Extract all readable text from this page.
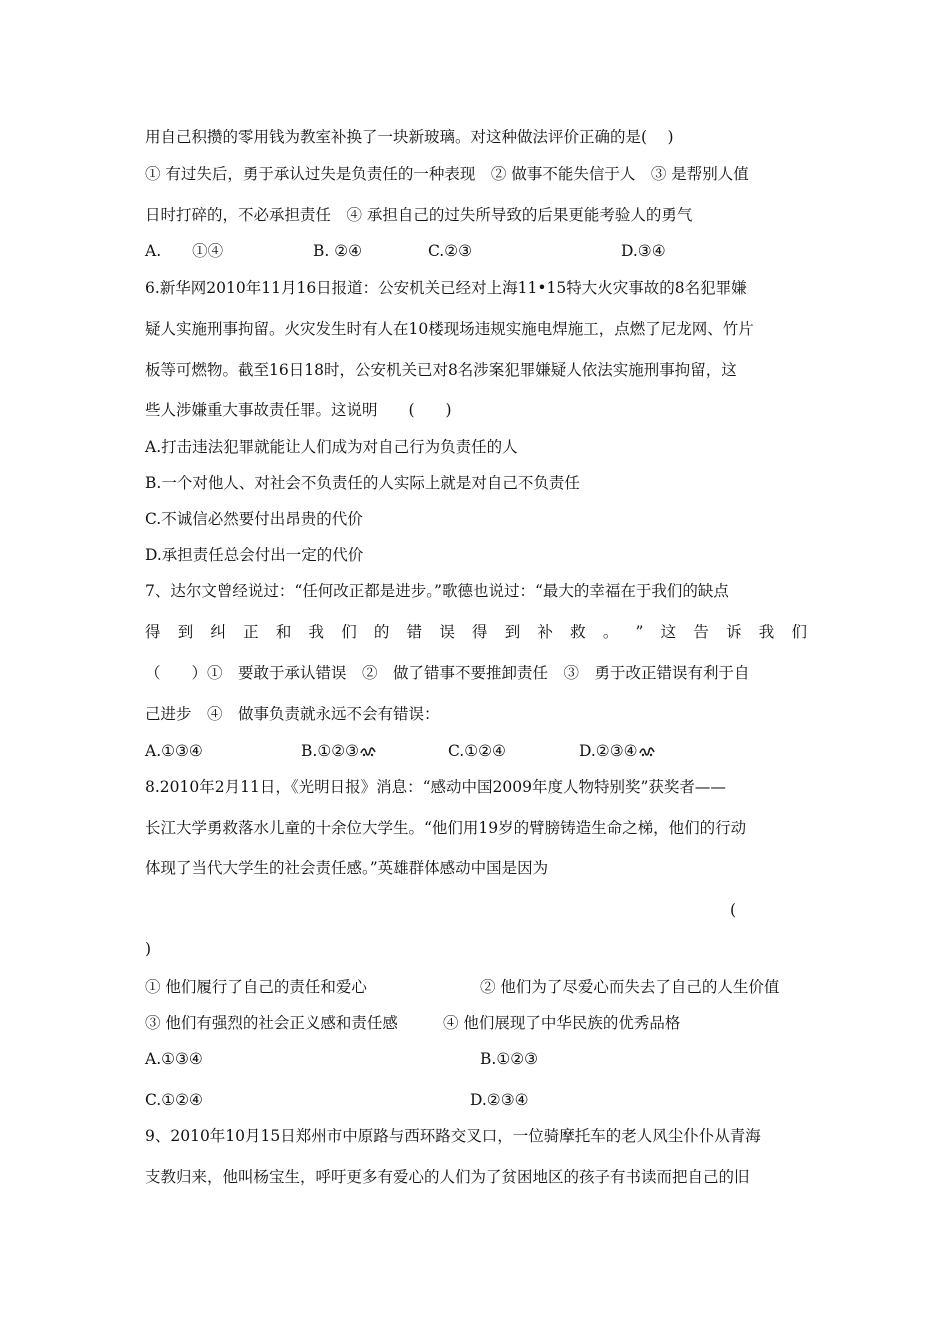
用自己积攒的零用钱为教室补换了一块新玻璃。对这种做法评价正确的是(　 )
① 有过失后，勇于承认过失是负责任的一种表现　② 做事不能失信于人　③ 是帮别人值
日时打碎的，不必承担责任　④ 承担自己的过失所导致的后果更能考验人的勇气
A.　　①④	B. ②④	C.②③	D.③④
6.新华网2010年11月16日报道：公安机关已经对上海11•15特大火灾事故的8名犯罪嫌
疑人实施刑事拘留。火灾发生时有人在10楼现场违规实施电焊施工，点燃了尼龙网、竹片
板等可燃物。截至16日18时，公安机关已对8名涉案犯罪嫌疑人依法实施刑事拘留，这
些人涉嫌重大事故责任罪。这说明　　(　　)
A.打击违法犯罪就能让人们成为对自己行为负责任的人
B.一个对他人、对社会不负责任的人实际上就是对自己不负责任
C.不诚信必然要付出昂贵的代价
D.承担责任总会付出一定的代价
7、达尔文曾经说过：“任何改正都是进步。”歌德也说过：“最大的幸福在于我们的缺点
得 到 纠 正 和 我 们 的 错 误 得 到 补 救 。 ” 这 告 诉 我 们
（　　）①　要敢于承认错误　②　做了错事不要推卸责任　③　勇于改正错误有利于自
己进步　④　做事负责就永远不会有错误：
A.①③④	B.①②③	C.①②④	D.②③④
8.2010年2月11日，《光明日报》消息：“感动中国2009年度人物特别奖”获奖者——
长江大学勇救落水儿童的十余位大学生。“他们用19岁的臂膀铸造生命之梯，他们的行动
体现了当代大学生的社会责任感。”英雄群体感动中国是因为
(
)
① 他们履行了自己的责任和爱心	② 他们为了尽爱心而失去了自己的人生价值
③ 他们有强烈的社会正义感和责任感	④ 他们展现了中华民族的优秀品格
A.①③④	B.①②③
C.①②④	D.②③④
9、2010年10月15日郑州市中原路与西环路交叉口，一位骑摩托车的老人风尘仆仆从青海
支教归来，他叫杨宝生，呼吁更多有爱心的人们为了贫困地区的孩子有书读而把自己的旧
